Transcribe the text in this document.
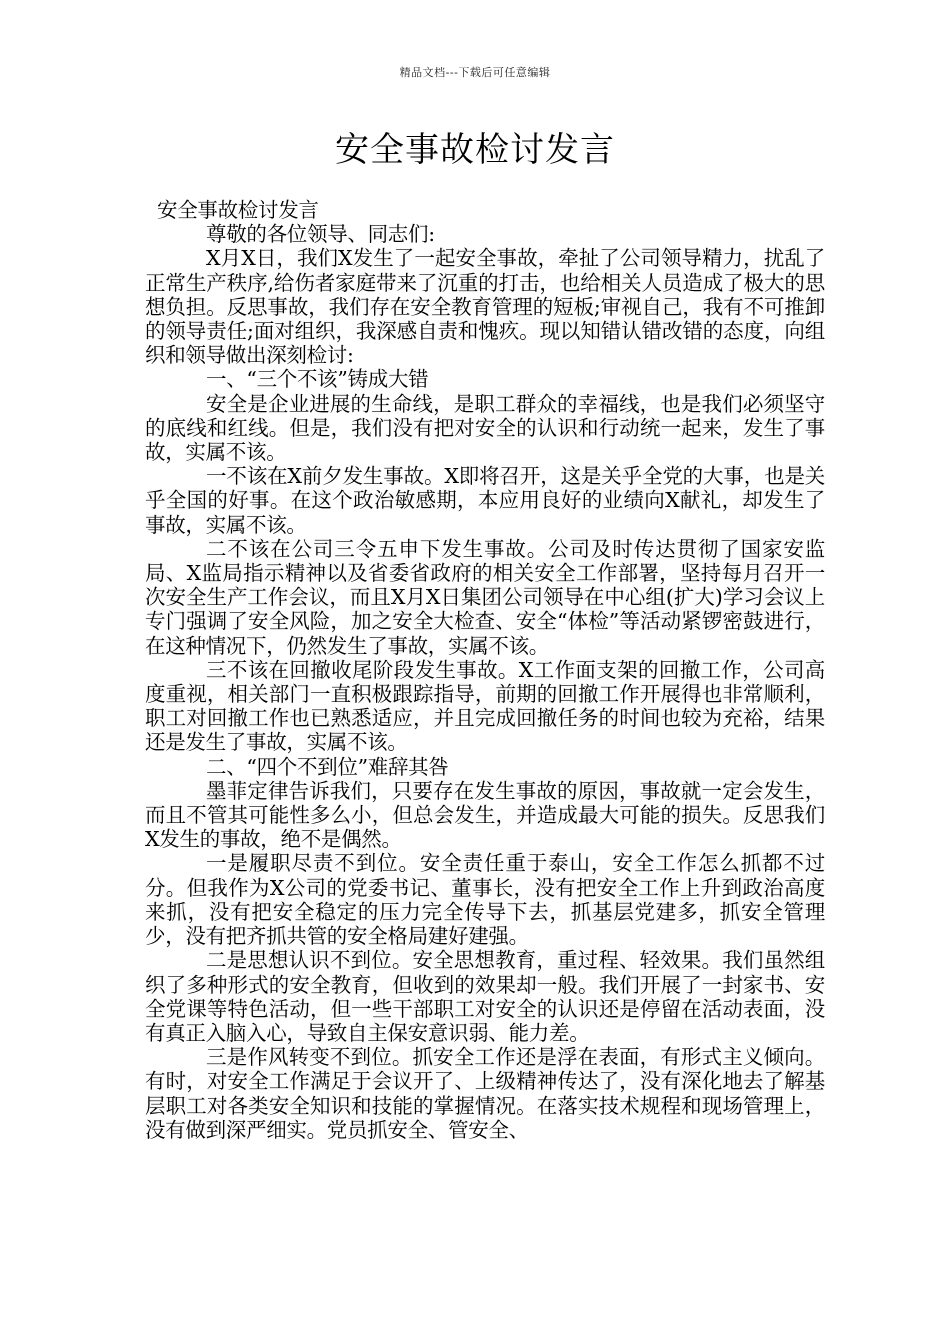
精品文档---下载后可任意编辑
安全事故检讨发言

安全事故检讨发言

尊敬的各位领导、同志们:

X月X日，我们X发生了一起安全事故，牵扯了公司领导精力，扰乱了正常生产秩序,给伤者家庭带来了沉重的打击，也给相关人员造成了极大的思想负担。反思事故，我们存在安全教育管理的短板;审视自己，我有不可推卸的领导责任;面对组织，我深感自责和愧疚。现以知错认错改错的态度，向组织和领导做出深刻检讨:

一、“三个不该”铸成大错

安全是企业进展的生命线，是职工群众的幸福线，也是我们必须坚守的底线和红线。但是，我们没有把对安全的认识和行动统一起来，发生了事故，实属不该。

一不该在X前夕发生事故。X即将召开，这是关乎全党的大事，也是关乎全国的好事。在这个政治敏感期，本应用良好的业绩向X献礼，却发生了事故，实属不该。

二不该在公司三令五申下发生事故。公司及时传达贯彻了国家安监局、X监局指示精神以及省委省政府的相关安全工作部署，坚持每月召开一次安全生产工作会议，而且X月X日集团公司领导在中心组(扩大)学习会议上专门强调了安全风险，加之安全大检查、安全“体检”等活动紧锣密鼓进行，在这种情况下，仍然发生了事故，实属不该。

三不该在回撤收尾阶段发生事故。X工作面支架的回撤工作，公司高度重视，相关部门一直积极跟踪指导，前期的回撤工作开展得也非常顺利，职工对回撤工作也已熟悉适应，并且完成回撤任务的时间也较为充裕，结果还是发生了事故，实属不该。

二、“四个不到位”难辞其咎

墨菲定律告诉我们，只要存在发生事故的原因，事故就一定会发生，而且不管其可能性多么小，但总会发生，并造成最大可能的损失。反思我们X发生的事故，绝不是偶然。

一是履职尽责不到位。安全责任重于泰山，安全工作怎么抓都不过分。但我作为X公司的党委书记、董事长，没有把安全工作上升到政治高度来抓，没有把安全稳定的压力完全传导下去，抓基层党建多，抓安全管理少，没有把齐抓共管的安全格局建好建强。

二是思想认识不到位。安全思想教育，重过程、轻效果。我们虽然组织了多种形式的安全教育，但收到的效果却一般。我们开展了一封家书、安全党课等特色活动，但一些干部职工对安全的认识还是停留在活动表面，没有真正入脑入心，导致自主保安意识弱、能力差。

三是作风转变不到位。抓安全工作还是浮在表面，有形式主义倾向。有时，对安全工作满足于会议开了、上级精神传达了，没有深化地去了解基层职工对各类安全知识和技能的掌握情况。在落实技术规程和现场管理上，没有做到深严细实。党员抓安全、管安全、
